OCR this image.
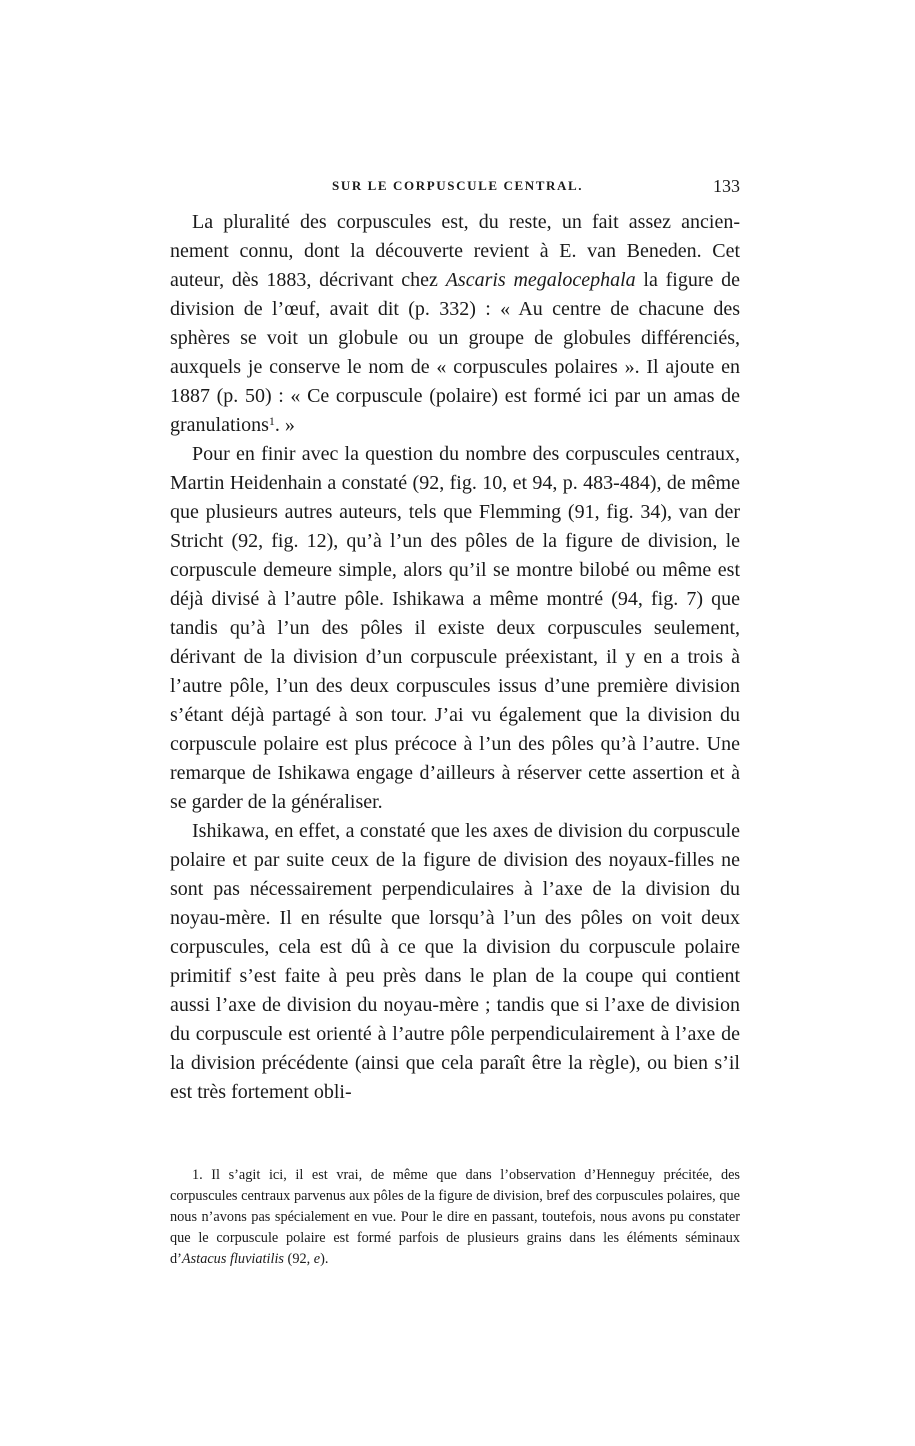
SUR LE CORPUSCULE CENTRAL.	133

La pluralité des corpuscules est, du reste, un fait assez anciennement connu, dont la découverte revient à E. van Beneden. Cet auteur, dès 1883, décrivant chez Ascaris megalocephala la figure de division de l’œuf, avait dit (p. 332) : « Au centre de chacune des sphères se voit un globule ou un groupe de globules différenciés, auxquels je conserve le nom de « corpuscules polaires ». Il ajoute en 1887 (p. 50) : « Ce corpuscule (polaire) est formé ici par un amas de granulations$^1$. »

Pour en finir avec la question du nombre des corpuscules centraux, Martin Heidenhain a constaté (92, fig. 10, et 94, p. 483-484), de même que plusieurs autres auteurs, tels que Flemming (91, fig. 34), van der Stricht (92, fig. 12), qu’à l’un des pôles de la figure de division, le corpuscule demeure simple, alors qu’il se montre bilobé ou même est déjà divisé à l’autre pôle. Ishikawa a même montré (94, fig. 7) que tandis qu’à l’un des pôles il existe deux corpuscules seulement, dérivant de la division d’un corpuscule préexistant, il y en a trois à l’autre pôle, l’un des deux corpuscules issus d’une première division s’étant déjà partagé à son tour. J’ai vu également que la division du corpuscule polaire est plus précoce à l’un des pôles qu’à l’autre. Une remarque de Ishikawa engage d’ailleurs à réserver cette assertion et à se garder de la généraliser.

Ishikawa, en effet, a constaté que les axes de division du corpuscule polaire et par suite ceux de la figure de division des noyaux-filles ne sont pas nécessairement perpendiculaires à l’axe de la division du noyau-mère. Il en résulte que lorsqu’à l’un des pôles on voit deux corpuscules, cela est dû à ce que la division du corpuscule polaire primitif s’est faite à peu près dans le plan de la coupe qui contient aussi l’axe de division du noyau-mère ; tandis que si l’axe de division du corpuscule est orienté à l’autre pôle perpendiculairement à l’axe de la division précédente (ainsi que cela paraît être la règle), ou bien s’il est très fortement obli-

1. Il s’agit ici, il est vrai, de même que dans l’observation d’Henneguy précitée, des corpuscules centraux parvenus aux pôles de la figure de division, bref des corpuscules polaires, que nous n’avons pas spécialement en vue. Pour le dire en passant, toutefois, nous avons pu constater que le corpuscule polaire est formé parfois de plusieurs grains dans les éléments séminaux d’Astacus fluviatilis (92, e).
